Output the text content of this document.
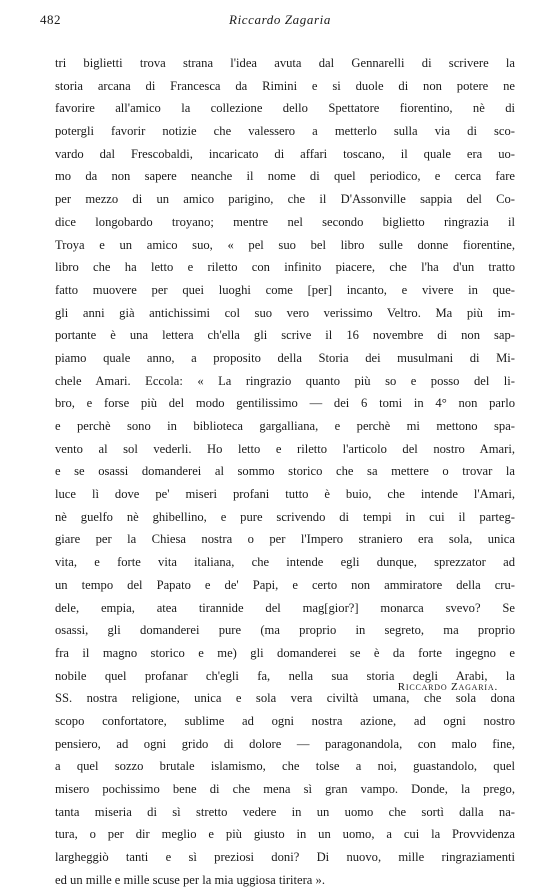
482	Riccardo Zagaria
tri biglietti trova strana l'idea avuta dal Gennarelli di scrivere la
storia arcana di Francesca da Rimini e si duole di non potere ne
favorire all'amico la collezione dello Spettatore fiorentino, nè di
potergli favorir notizie che valessero a metterlo sulla via di sco-
vardo dal Frescobaldi, incaricato di affari toscano, il quale era uo-
mo da non sapere neanche il nome di quel periodico, e cerca fare
per mezzo di un amico parigino, che il D'Assonville sappia del Co-
dice longobardo troyano; mentre nel secondo biglietto ringrazia il
Troya e un amico suo, « pel suo bel libro sulle donne fiorentine,
libro che ha letto e riletto con infinito piacere, che l'ha d'un tratto
fatto muovere per quei luoghi come [per] incanto, e vivere in que-
gli anni già antichissimi col suo vero verissimo Veltro. Ma più im-
portante è una lettera ch'ella gli scrive il 16 novembre di non sap-
piamo quale anno, a proposito della Storia dei musulmani di Mi-
chele Amari. Eccola: « La ringrazio quanto più so e posso del li-
bro, e forse più del modo gentilissimo — dei 6 tomi in 4° non parlo
e perchè sono in biblioteca gargalliana, e perchè mi mettono spa-
vento al sol vederli. Ho letto e riletto l'articolo del nostro Amari,
e se osassi domanderei al sommo storico che sa mettere o trovar la
luce lì dove pe' miseri profani tutto è buio, che intende l'Amari,
nè guelfo nè ghibellino, e pure scrivendo di tempi in cui il parteg-
giare per la Chiesa nostra o per l'Impero straniero era sola, unica
vita, e forte vita italiana, che intende egli dunque, sprezzator ad
un tempo del Papato e de' Papi, e certo non ammiratore della cru-
dele, empia, atea tirannide del mag[gior?] monarca svevo? Se
osassi, gli domanderei pure (ma proprio in segreto, ma proprio
fra il magno storico e me) gli domanderei se è da forte ingegno e
nobile quel profanar ch'egli fa, nella sua storia degli Arabi, la
SS. nostra religione, unica e sola vera civiltà umana, che sola dona
scopo confortatore, sublime ad ogni nostra azione, ad ogni nostro
pensiero, ad ogni grido di dolore — paragonandola, con malo fine,
a quel sozzo brutale islamismo, che tolse a noi, guastandolo, quel
misero pochissimo bene di che mena sì gran vampo. Donde, la prego,
tanta miseria di sì stretto vedere in un uomo che sortì dalla na-
tura, o per dir meglio e più giusto in un uomo, a cui la Provvidenza
largheggiò tanti e sì preziosi doni? Di nuovo, mille ringraziamenti
ed un mille e mille scuse per la mia uggiosa tiritera ».
Riccardo Zagaria.
